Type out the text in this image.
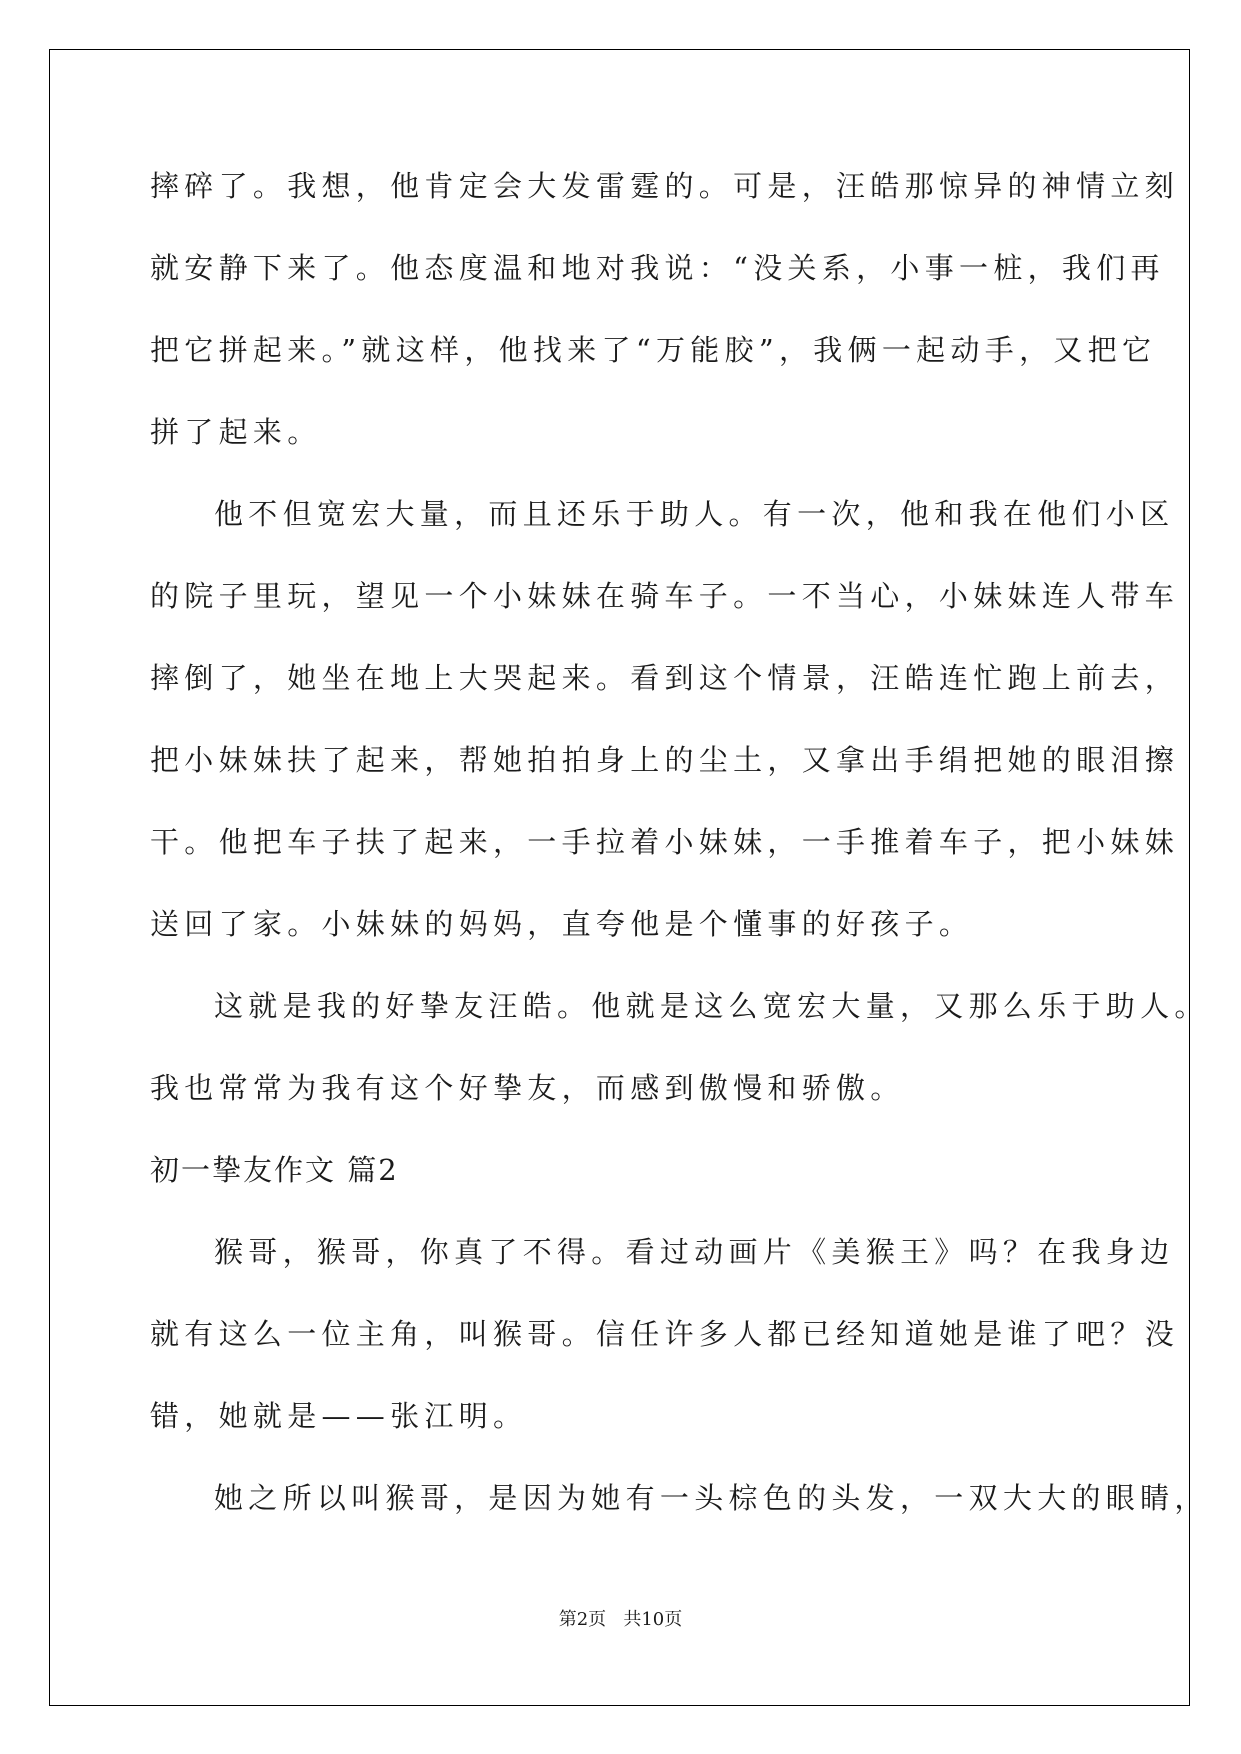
摔碎了。我想，他肯定会大发雷霆的。可是，汪皓那惊异的神情立刻
就安静下来了。他态度温和地对我说：“没关系，小事一桩，我们再
把它拼起来。”就这样，他找来了“万能胶”，我俩一起动手，又把它
拼了起来。
他不但宽宏大量，而且还乐于助人。有一次，他和我在他们小区
的院子里玩，望见一个小妹妹在骑车子。一不当心，小妹妹连人带车
摔倒了，她坐在地上大哭起来。看到这个情景，汪皓连忙跑上前去，
把小妹妹扶了起来，帮她拍拍身上的尘土，又拿出手绢把她的眼泪擦
干。他把车子扶了起来，一手拉着小妹妹，一手推着车子，把小妹妹
送回了家。小妹妹的妈妈，直夸他是个懂事的好孩子。
这就是我的好挚友汪皓。他就是这么宽宏大量，又那么乐于助人。
我也常常为我有这个好挚友，而感到傲慢和骄傲。
初一挚友作文 篇2
猴哥，猴哥，你真了不得。看过动画片《美猴王》吗？在我身边
就有这么一位主角，叫猴哥。信任许多人都已经知道她是谁了吧？没
错，她就是——张江明。
她之所以叫猴哥，是因为她有一头棕色的头发，一双大大的眼睛，
第2页   共10页
